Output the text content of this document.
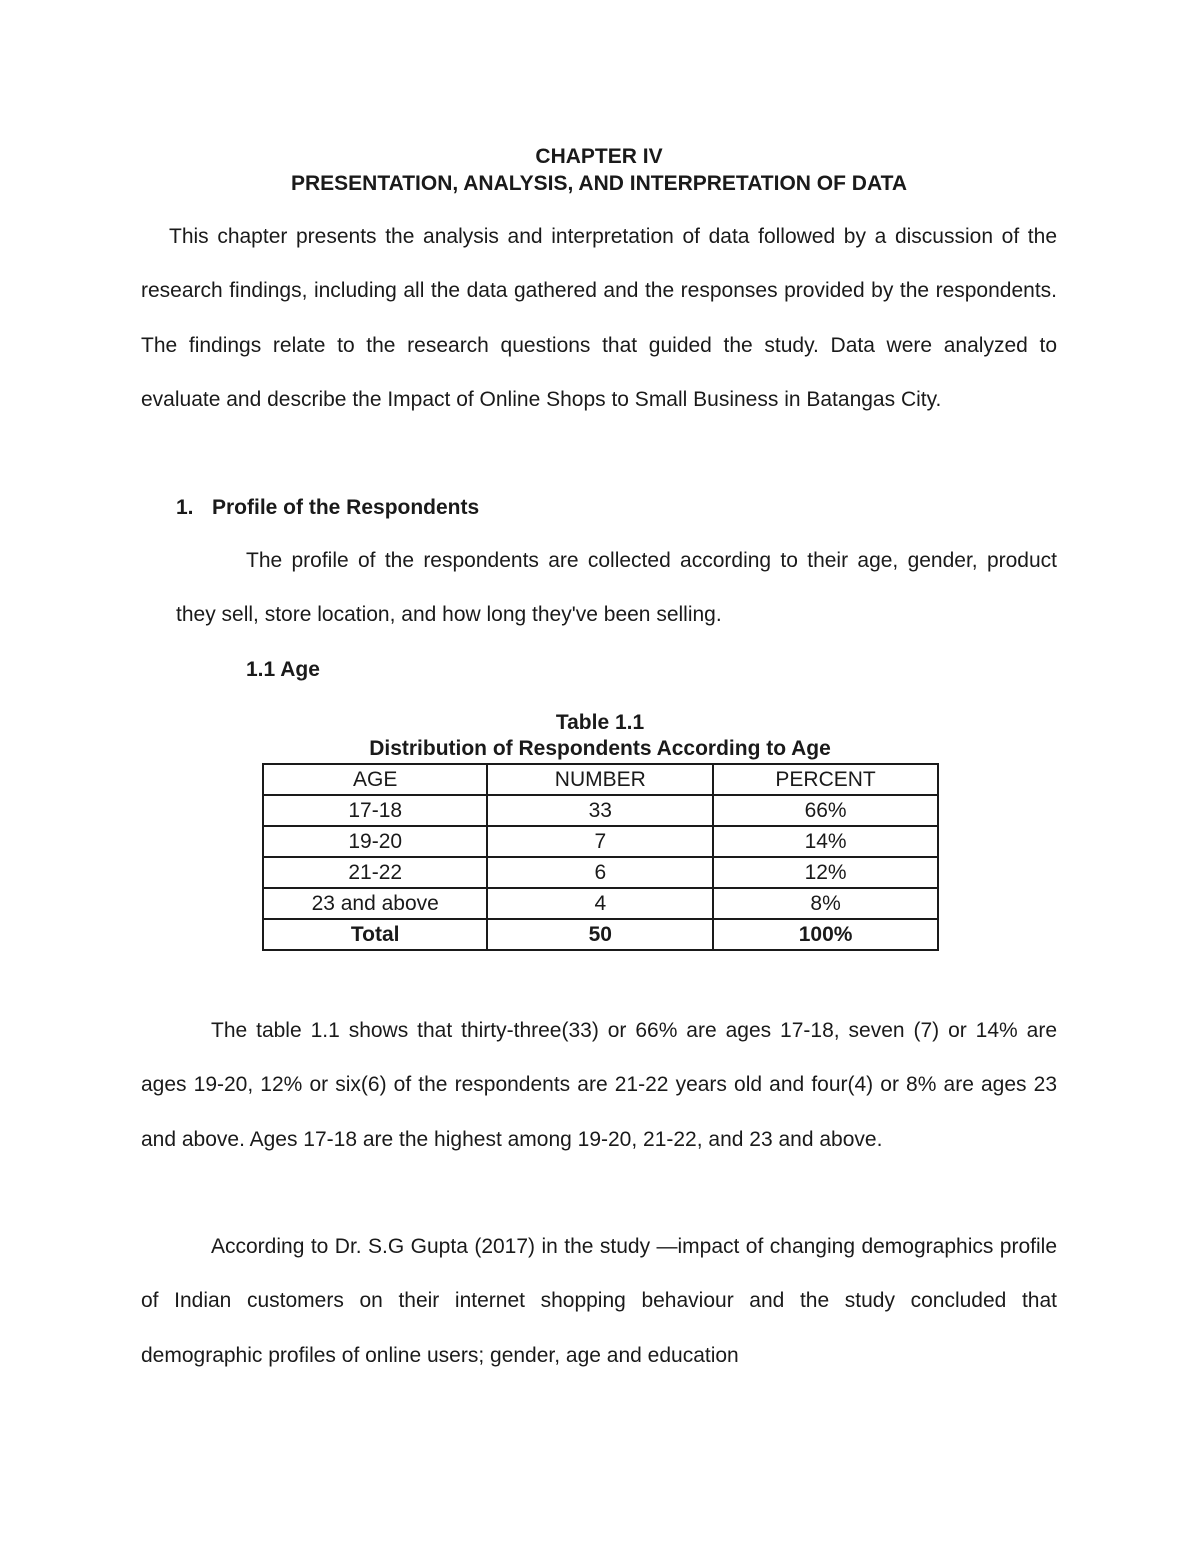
CHAPTER IV
PRESENTATION, ANALYSIS, AND INTERPRETATION OF DATA

This chapter presents the analysis and interpretation of data followed by a discussion of the research findings, including all the data gathered and the responses provided by the respondents. The findings relate to the research questions that guided the study. Data were analyzed to evaluate and describe the Impact of Online Shops to Small Business in Batangas City.

1. Profile of the Respondents

The profile of the respondents are collected according to their age, gender, product they sell, store location, and how long they've been selling.

1.1 Age
Table 1.1
Distribution of Respondents According to Age
AGE	NUMBER	PERCENT
17-18	33	66%
19-20	7	14%
21-22	6	12%
23 and above	4	8%
Total	50	100%

The table 1.1 shows that thirty-three(33) or 66% are ages 17-18, seven (7) or 14% are ages 19-20, 12% or six(6) of the respondents are 21-22 years old and four(4) or 8% are ages 23 and above. Ages 17-18 are the highest among 19-20, 21-22, and 23 and above.

According to Dr. S.G Gupta (2017) in the study —impact of changing demographics profile of Indian customers on their internet shopping behaviour and the study concluded that demographic profiles of online users; gender, age and education
